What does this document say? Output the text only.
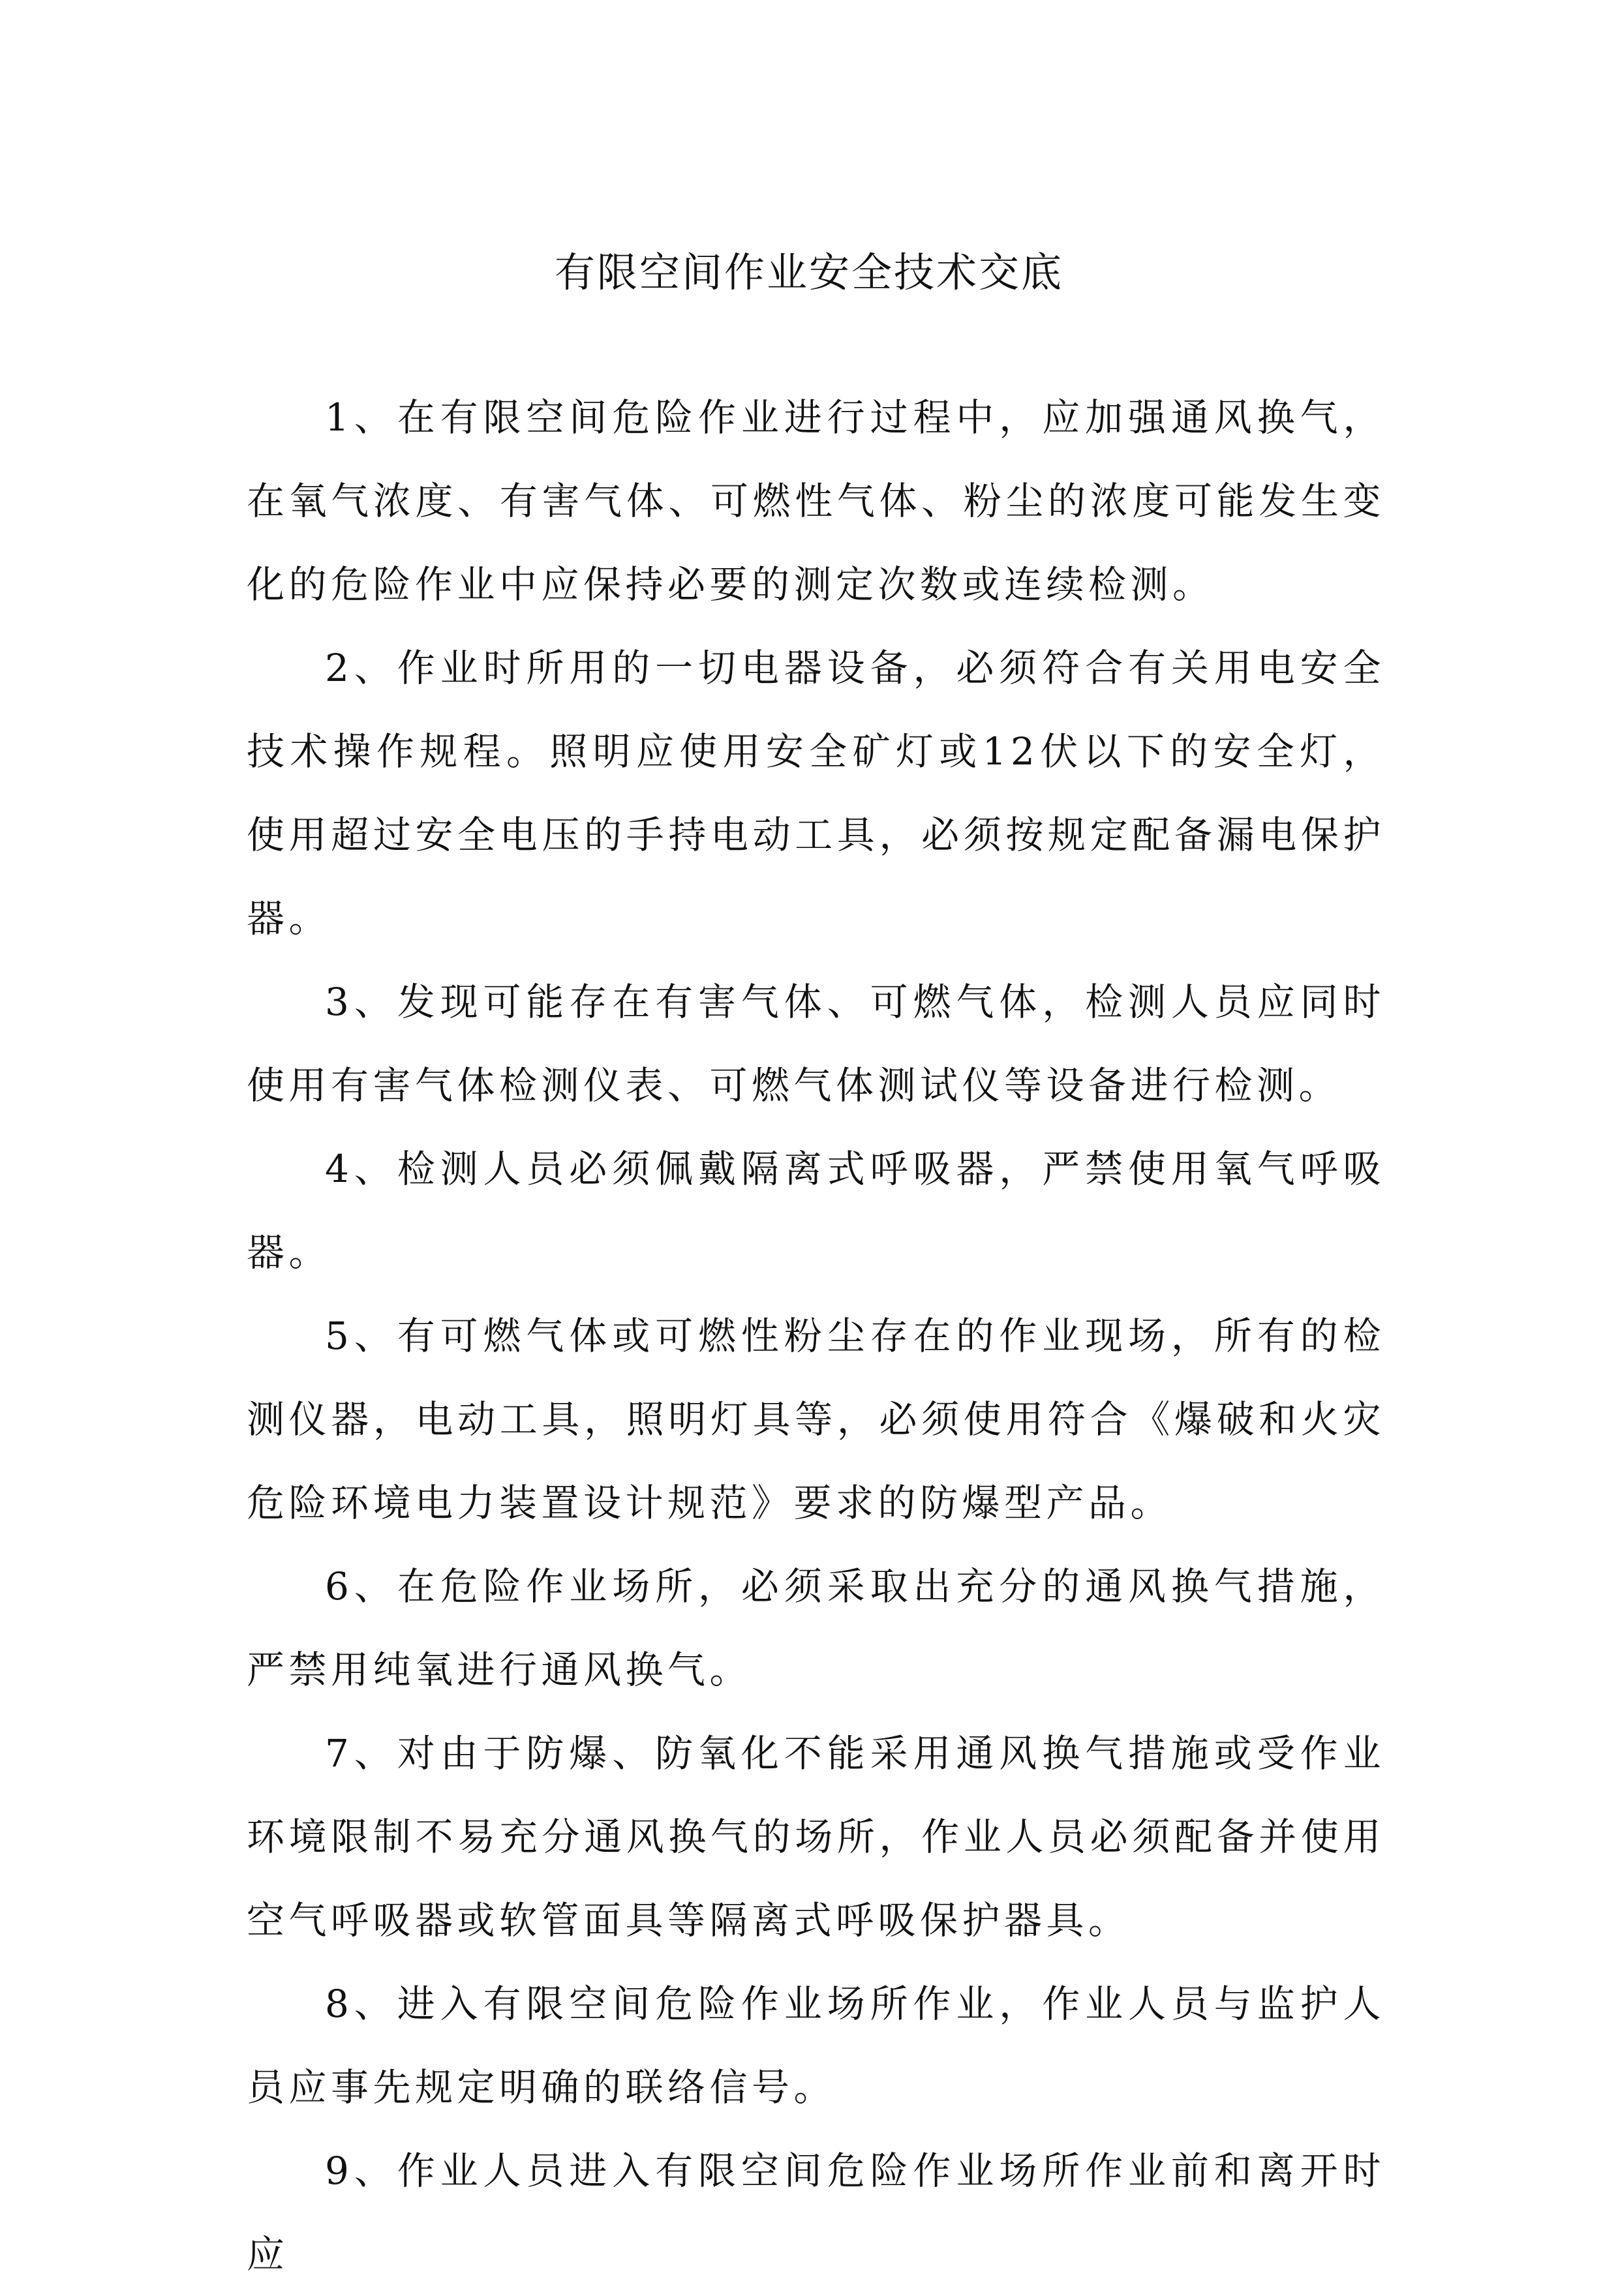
有限空间作业安全技术交底

1、在有限空间危险作业进行过程中，应加强通风换气，在氧气浓度、有害气体、可燃性气体、粉尘的浓度可能发生变化的危险作业中应保持必要的测定次数或连续检测。

2、作业时所用的一切电器设备，必须符合有关用电安全技术操作规程。照明应使用安全矿灯或12伏以下的安全灯，使用超过安全电压的手持电动工具，必须按规定配备漏电保护器。

3、发现可能存在有害气体、可燃气体，检测人员应同时使用有害气体检测仪表、可燃气体测试仪等设备进行检测。

4、检测人员必须佩戴隔离式呼吸器，严禁使用氧气呼吸器。

5、有可燃气体或可燃性粉尘存在的作业现场，所有的检测仪器，电动工具，照明灯具等，必须使用符合《爆破和火灾危险环境电力装置设计规范》要求的防爆型产品。

6、在危险作业场所，必须采取出充分的通风换气措施，严禁用纯氧进行通风换气。

7、对由于防爆、防氧化不能采用通风换气措施或受作业环境限制不易充分通风换气的场所，作业人员必须配备并使用空气呼吸器或软管面具等隔离式呼吸保护器具。

8、进入有限空间危险作业场所作业，作业人员与监护人员应事先规定明确的联络信号。

9、作业人员进入有限空间危险作业场所作业前和离开时应
